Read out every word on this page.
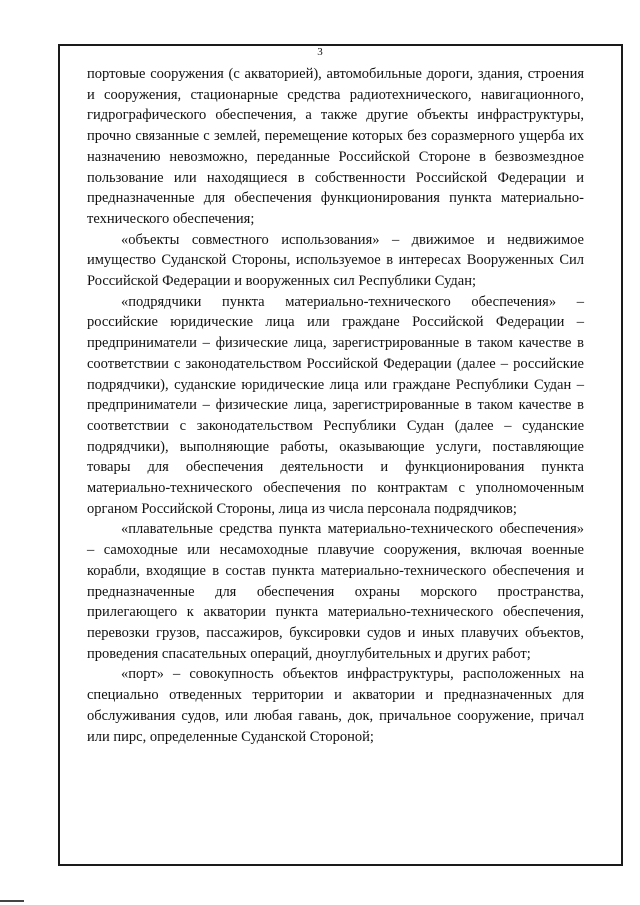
3

портовые сооружения (с акваторией), автомобильные дороги, здания, строения и сооружения, стационарные средства радиотехнического, навигационного, гидрографического обеспечения, а также другие объекты инфраструктуры, прочно связанные с землей, перемещение которых без соразмерного ущерба их назначению невозможно, переданные Российской Стороне в безвозмездное пользование или находящиеся в собственности Российской Федерации и предназначенные для обеспечения функционирования пункта материально-технического обеспечения;

«объекты совместного использования» – движимое и недвижимое имущество Суданской Стороны, используемое в интересах Вооруженных Сил Российской Федерации и вооруженных сил Республики Судан;

«подрядчики пункта материально-технического обеспечения» – российские юридические лица или граждане Российской Федерации – предприниматели – физические лица, зарегистрированные в таком качестве в соответствии с законодательством Российской Федерации (далее – российские подрядчики), суданские юридические лица или граждане Республики Судан – предприниматели – физические лица, зарегистрированные в таком качестве в соответствии с законодательством Республики Судан (далее – суданские подрядчики), выполняющие работы, оказывающие услуги, поставляющие товары для обеспечения деятельности и функционирования пункта материально-технического обеспечения по контрактам с уполномоченным органом Российской Стороны, лица из числа персонала подрядчиков;

«плавательные средства пункта материально-технического обеспечения» – самоходные или несамоходные плавучие сооружения, включая военные корабли, входящие в состав пункта материально-технического обеспечения и предназначенные для обеспечения охраны морского пространства, прилегающего к акватории пункта материально-технического обеспечения, перевозки грузов, пассажиров, буксировки судов и иных плавучих объектов, проведения спасательных операций, дноуглубительных и других работ;

«порт» – совокупность объектов инфраструктуры, расположенных на специально отведенных территории и акватории и предназначенных для обслуживания судов, или любая гавань, док, причальное сооружение, причал или пирс, определенные Суданской Стороной;
